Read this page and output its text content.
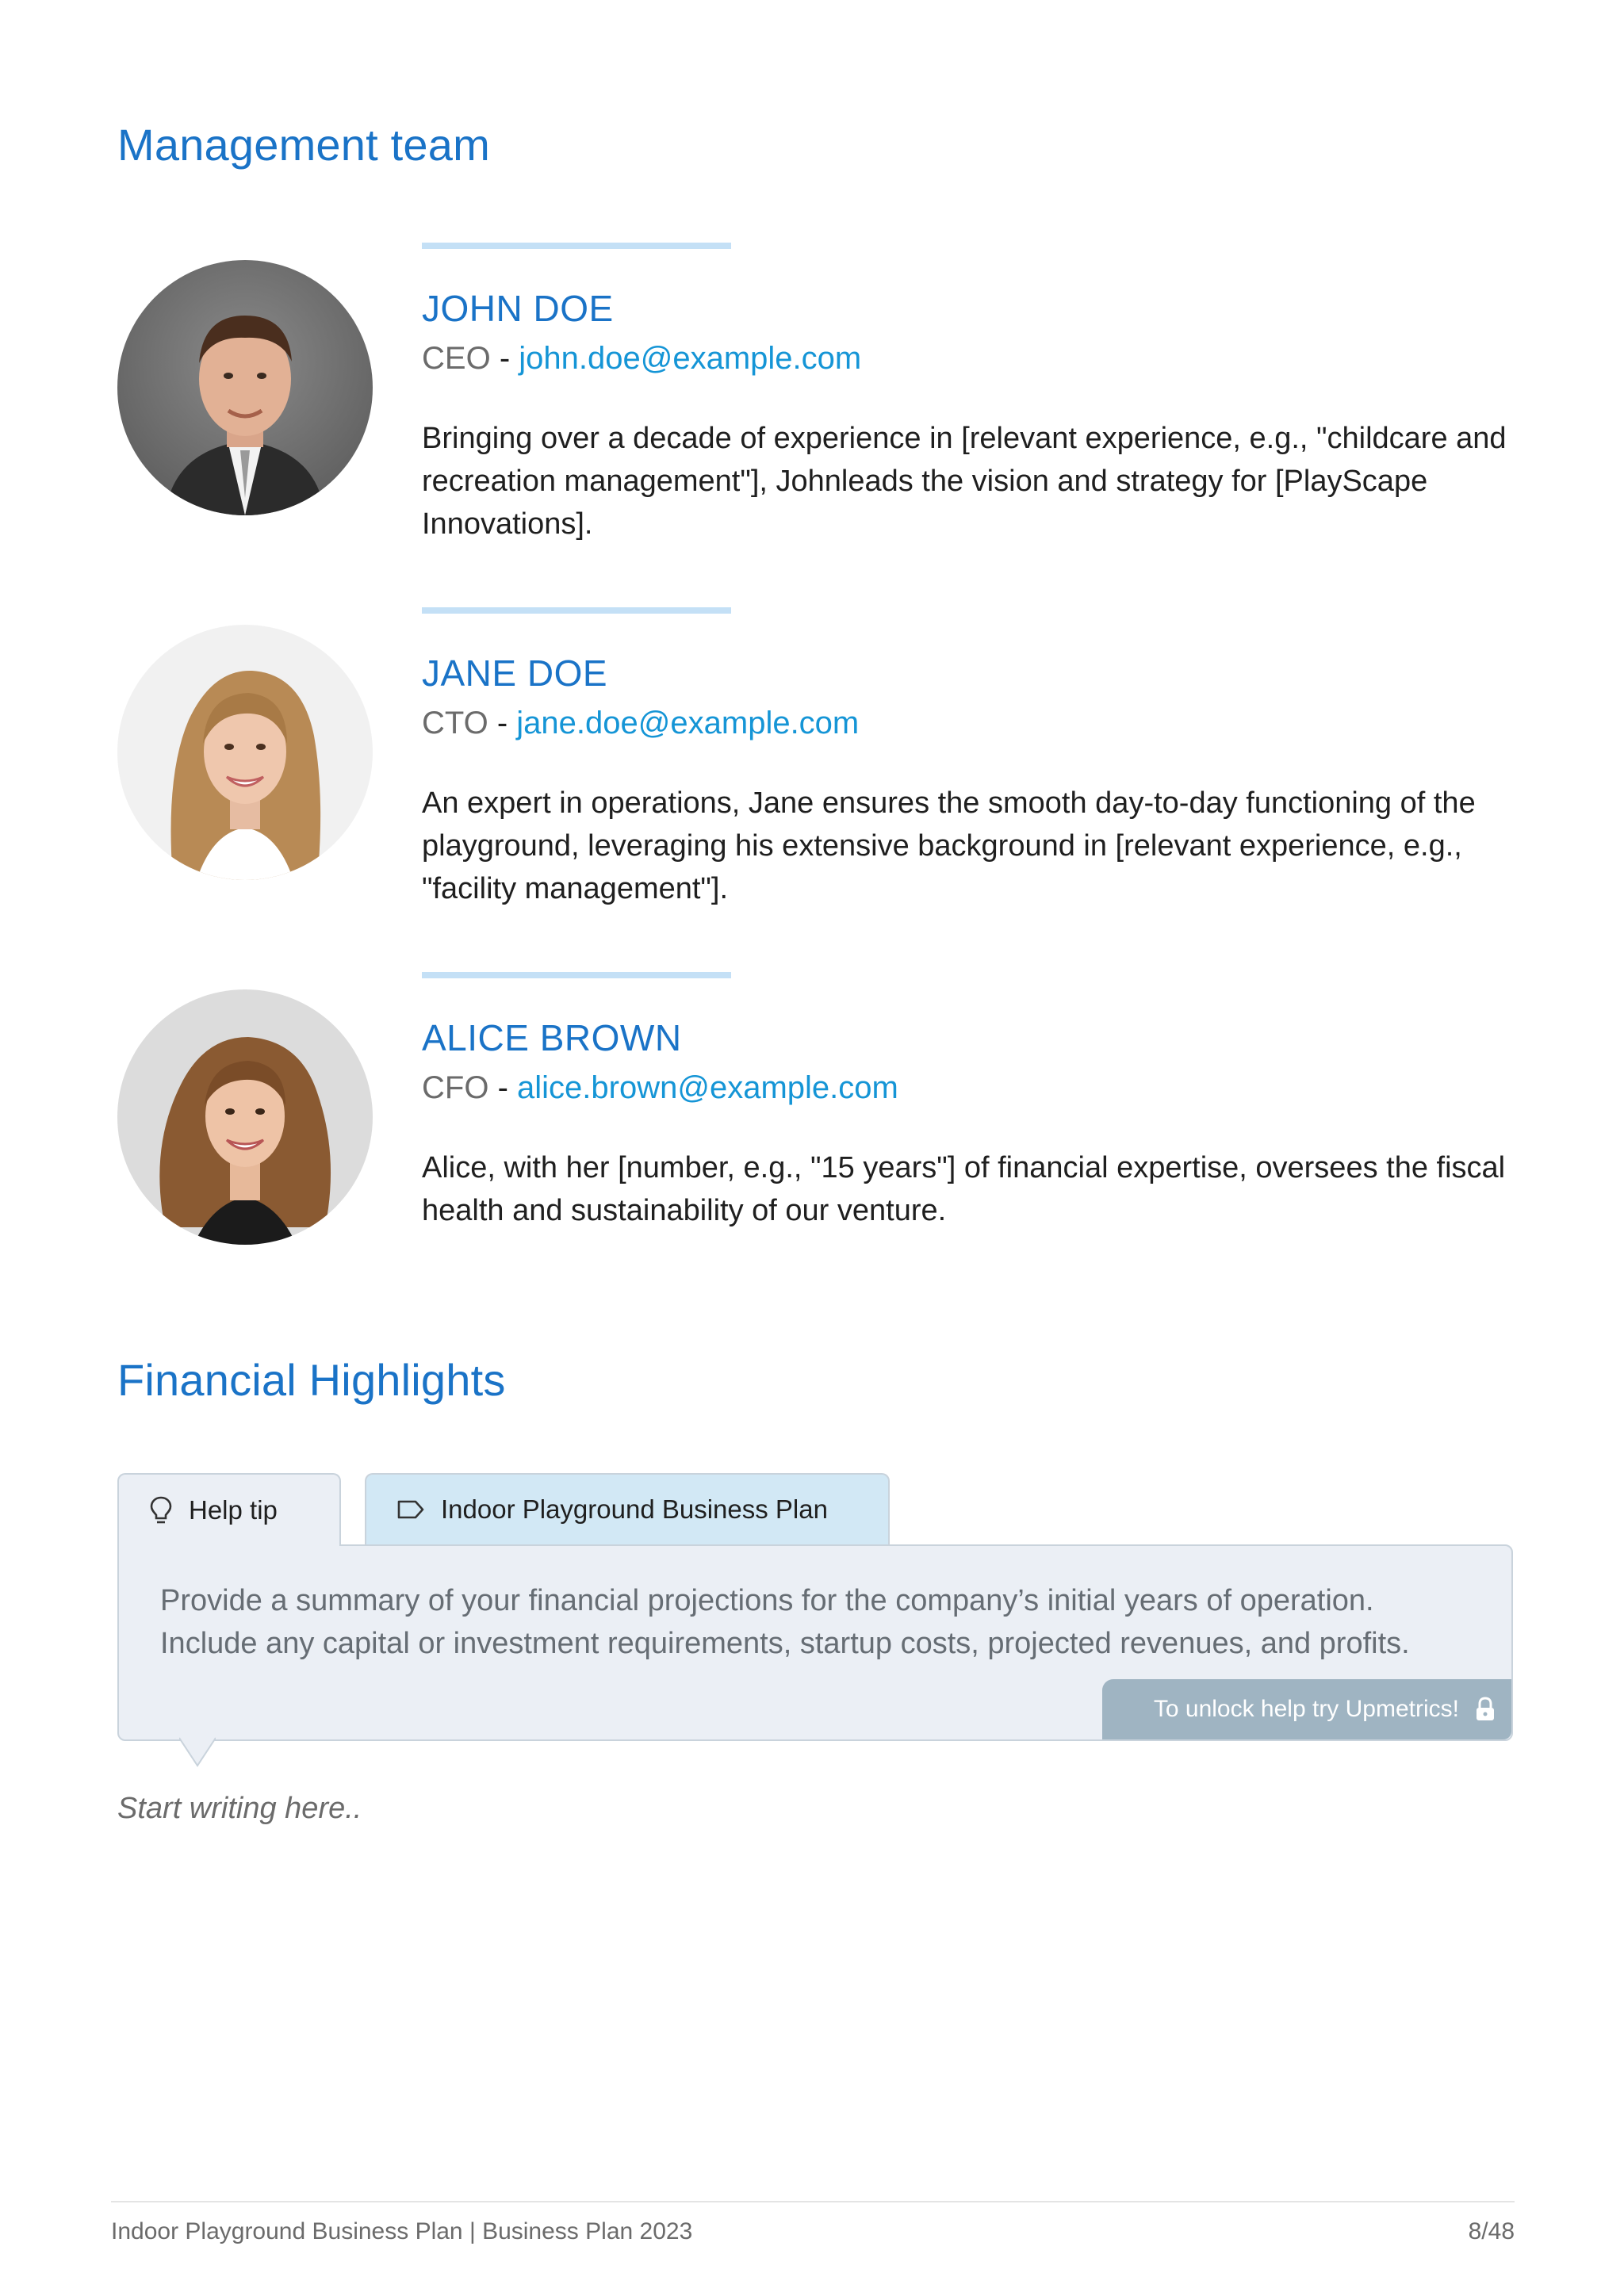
Management team
JOHN DOE
CEO - john.doe@example.com

Bringing over a decade of experience in [relevant experience, e.g., "childcare and recreation management"], Johnleads the vision and strategy for [PlayScape Innovations].

JANE DOE
CTO - jane.doe@example.com

An expert in operations, Jane ensures the smooth day-to-day functioning of the playground, leveraging his extensive background in [relevant experience, e.g., "facility management"].

ALICE BROWN
CFO - alice.brown@example.com

Alice, with her [number, e.g., "15 years"] of financial expertise, oversees the fiscal health and sustainability of our venture.

Financial Highlights
Help tip	Indoor Playground Business Plan

Provide a summary of your financial projections for the company’s initial years of operation. Include any capital or investment requirements, startup costs, projected revenues, and profits.

To unlock help try Upmetrics!
Start writing here..
Indoor Playground Business Plan | Business Plan 2023	8/48
